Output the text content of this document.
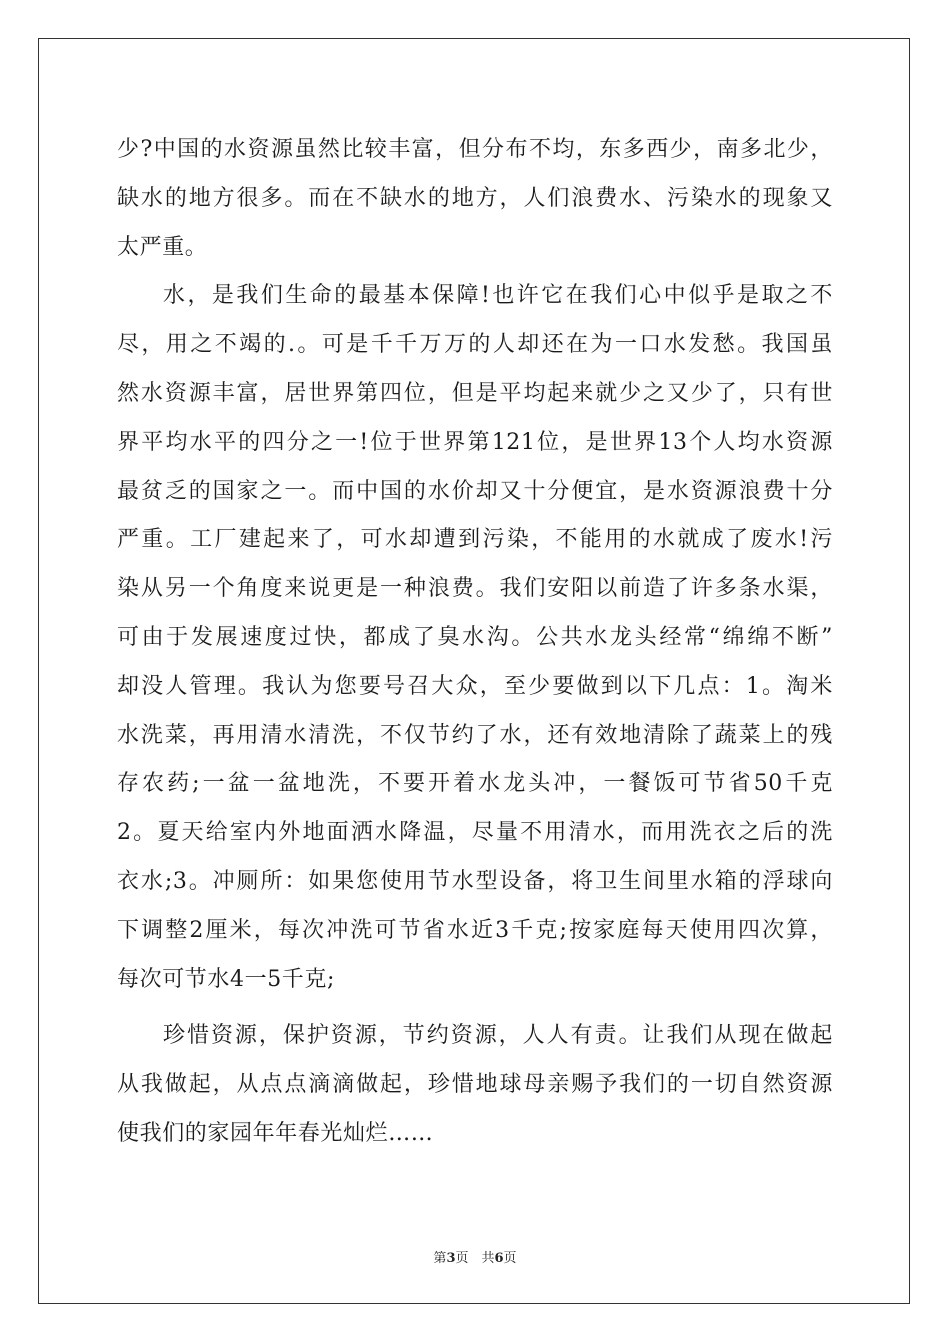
少?中国的水资源虽然比较丰富，但分布不均，东多西少，南多北少，
缺水的地方很多。而在不缺水的地方，人们浪费水、污染水的现象又
太严重。
水，是我们生命的最基本保障!也许它在我们心中似乎是取之不
尽，用之不竭的.。可是千千万万的人却还在为一口水发愁。我国虽
然水资源丰富，居世界第四位，但是平均起来就少之又少了，只有世
界平均水平的四分之一!位于世界第121位，是世界13个人均水资源
最贫乏的国家之一。而中国的水价却又十分便宜，是水资源浪费十分
严重。工厂建起来了，可水却遭到污染，不能用的水就成了废水!污
染从另一个角度来说更是一种浪费。我们安阳以前造了许多条水渠，
可由于发展速度过快，都成了臭水沟。公共水龙头经常“绵绵不断”
却没人管理。我认为您要号召大众，至少要做到以下几点：1。淘米
水洗菜，再用清水清洗，不仅节约了水，还有效地清除了蔬菜上的残
存农药;一盆一盆地洗，不要开着水龙头冲，一餐饭可节省50千克
2。夏天给室内外地面洒水降温，尽量不用清水，而用洗衣之后的洗
衣水;3。冲厕所：如果您使用节水型设备，将卫生间里水箱的浮球向
下调整2厘米，每次冲洗可节省水近3千克;按家庭每天使用四次算，
每次可节水4一5千克;
珍惜资源，保护资源，节约资源，人人有责。让我们从现在做起
从我做起，从点点滴滴做起，珍惜地球母亲赐予我们的一切自然资源
使我们的家园年年春光灿烂……
第3页　共6页
